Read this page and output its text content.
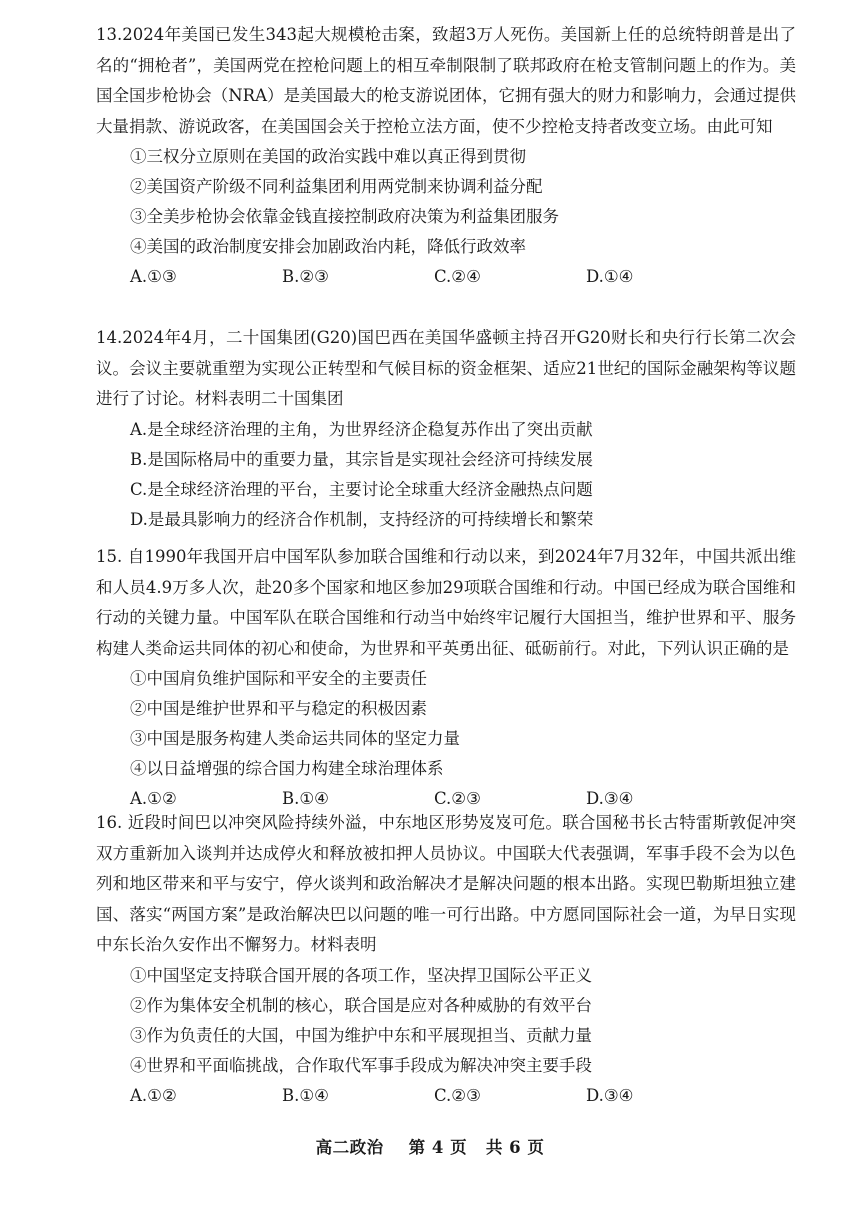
13.2024年美国已发生343起大规模枪击案，致超3万人死伤。美国新上任的总统特朗普是出了名的“拥枪者”，美国两党在控枪问题上的相互牵制限制了联邦政府在枪支管制问题上的作为。美国全国步枪协会（NRA）是美国最大的枪支游说团体，它拥有强大的财力和影响力，会通过提供大量捐款、游说政客，在美国国会关于控枪立法方面，使不少控枪支持者改变立场。由此可知

①三权分立原则在美国的政治实践中难以真正得到贯彻

②美国资产阶级不同利益集团利用两党制来协调利益分配

③全美步枪协会依靠金钱直接控制政府决策为利益集团服务

④美国的政治制度安排会加剧政治内耗，降低行政效率

A.①③	B.②③	C.②④	D.①④

14.2024年4月，二十国集团(G20)国巴西在美国华盛顿主持召开G20财长和央行行长第二次会议。会议主要就重塑为实现公正转型和气候目标的资金框架、适应21世纪的国际金融架构等议题进行了讨论。材料表明二十国集团

A.是全球经济治理的主角，为世界经济企稳复苏作出了突出贡献

B.是国际格局中的重要力量，其宗旨是实现社会经济可持续发展

C.是全球经济治理的平台，主要讨论全球重大经济金融热点问题

D.是最具影响力的经济合作机制，支持经济的可持续增长和繁荣

15. 自1990年我国开启中国军队参加联合国维和行动以来，到2024年7月32年，中国共派出维和人员4.9万多人次，赴20多个国家和地区参加29项联合国维和行动。中国已经成为联合国维和行动的关键力量。中国军队在联合国维和行动当中始终牢记履行大国担当，维护世界和平、服务构建人类命运共同体的初心和使命，为世界和平英勇出征、砥砺前行。对此，下列认识正确的是

①中国肩负维护国际和平安全的主要责任

②中国是维护世界和平与稳定的积极因素

③中国是服务构建人类命运共同体的坚定力量

④以日益增强的综合国力构建全球治理体系

A.①②	B.①④	C.②③	D.③④

16. 近段时间巴以冲突风险持续外溢，中东地区形势岌岌可危。联合国秘书长古特雷斯敦促冲突双方重新加入谈判并达成停火和释放被扣押人员协议。中国联大代表强调，军事手段不会为以色列和地区带来和平与安宁，停火谈判和政治解决才是解决问题的根本出路。实现巴勒斯坦独立建国、落实“两国方案”是政治解决巴以问题的唯一可行出路。中方愿同国际社会一道，为早日实现中东长治久安作出不懈努力。材料表明

①中国坚定支持联合国开展的各项工作，坚决捍卫国际公平正义

②作为集体安全机制的核心，联合国是应对各种威胁的有效平台

③作为负责任的大国，中国为维护中东和平展现担当、贡献力量

④世界和平面临挑战，合作取代军事手段成为解决冲突主要手段

A.①②	B.①④	C.②③	D.③④
高二政治 第 4 页 共 6 页
